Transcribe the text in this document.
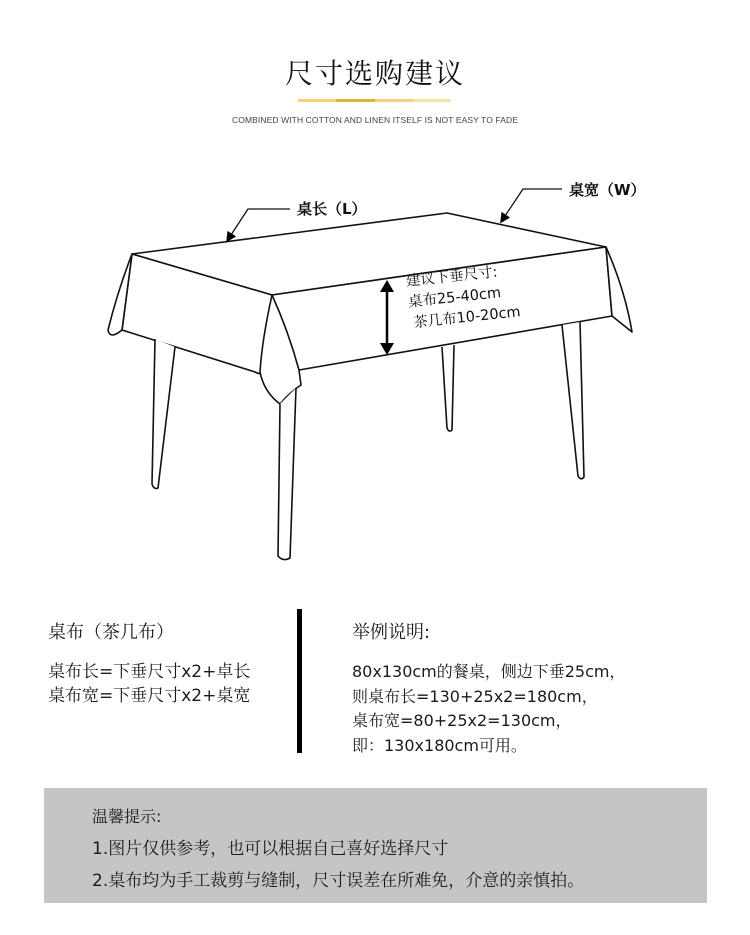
尺寸选购建议
COMBINED WITH COTTON AND LINEN ITSELF IS NOT EASY TO FADE
桌长（L）
桌宽（W）
建议下垂尺寸:
桌布25-40cm
茶几布10-20cm
桌布（茶几布）

桌布长=下垂尺寸x2+卓长

桌布宽=下垂尺寸x2+桌宽

举例说明:

80x130cm的餐桌，侧边下垂25cm，

则桌布长=130+25x2=180cm，

桌布宽=80+25x2=130cm，

即：130x180cm可用。

温馨提示:
1.图片仅供参考，也可以根据自己喜好选择尺寸
2.桌布均为手工裁剪与缝制，尺寸误差在所难免，介意的亲慎拍。
